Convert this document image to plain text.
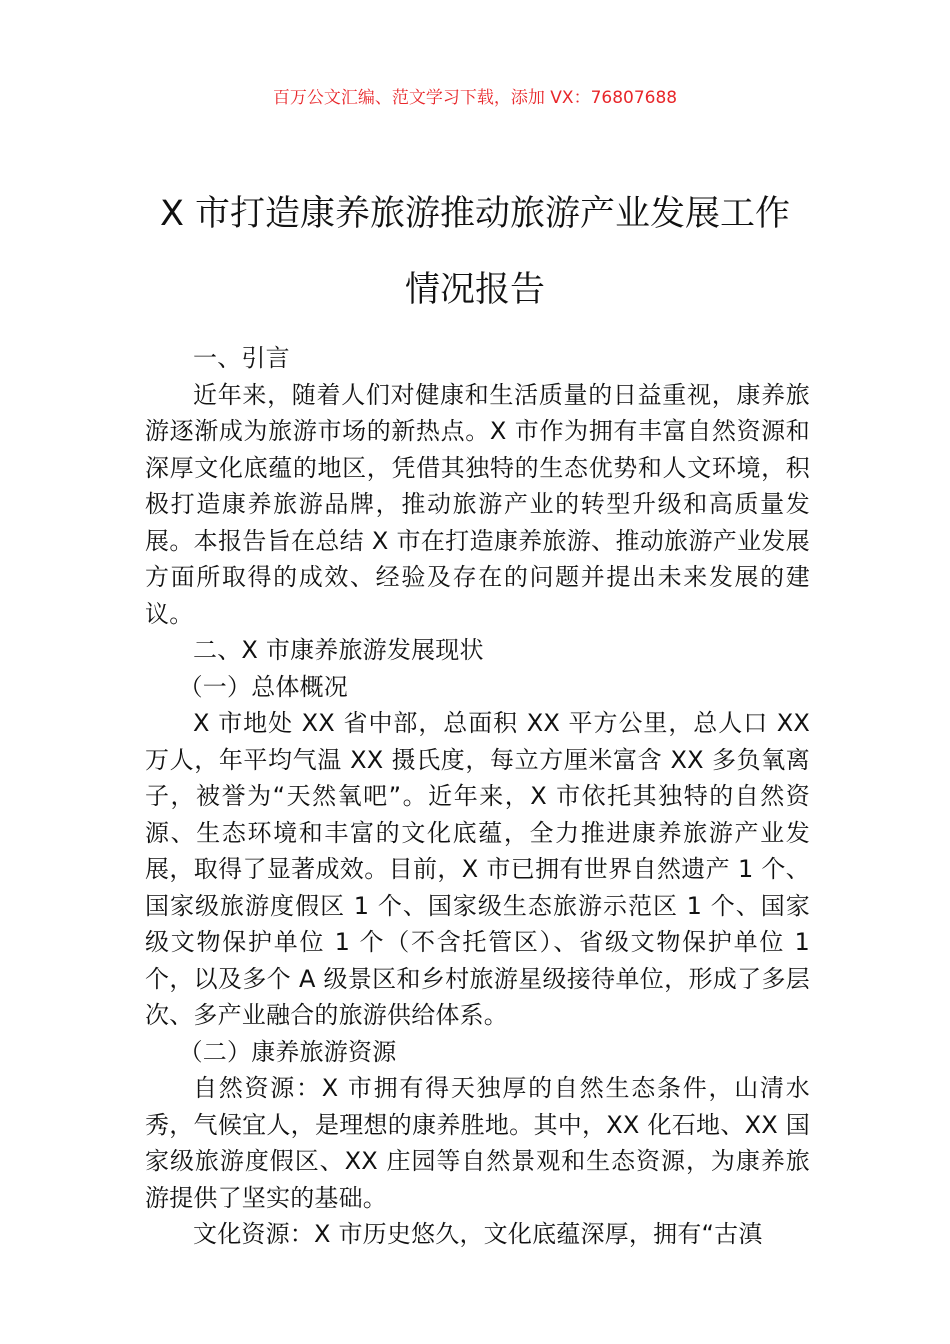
百万公文汇编、范文学习下载，添加 VX：76807688
X 市打造康养旅游推动旅游产业发展工作
情况报告

一、引言

近年来，随着人们对健康和生活质量的日益重视，康养旅游逐渐成为旅游市场的新热点。X 市作为拥有丰富自然资源和深厚文化底蕴的地区，凭借其独特的生态优势和人文环境，积极打造康养旅游品牌，推动旅游产业的转型升级和高质量发展。本报告旨在总结 X 市在打造康养旅游、推动旅游产业发展方面所取得的成效、经验及存在的问题并提出未来发展的建议。

二、X 市康养旅游发展现状

（一）总体概况

X 市地处 XX 省中部，总面积 XX 平方公里，总人口 XX 万人，年平均气温 XX 摄氏度，每立方厘米富含 XX 多负氧离子，被誉为“天然氧吧”。近年来，X 市依托其独特的自然资源、生态环境和丰富的文化底蕴，全力推进康养旅游产业发展，取得了显著成效。目前，X 市已拥有世界自然遗产 1 个、国家级旅游度假区 1 个、国家级生态旅游示范区 1 个、国家级文物保护单位 1 个（不含托管区）、省级文物保护单位 1 个，以及多个 A 级景区和乡村旅游星级接待单位，形成了多层次、多产业融合的旅游供给体系。

（二）康养旅游资源

自然资源：X 市拥有得天独厚的自然生态条件，山清水秀，气候宜人，是理想的康养胜地。其中，XX 化石地、XX 国家级旅游度假区、XX 庄园等自然景观和生态资源，为康养旅游提供了坚实的基础。

文化资源：X 市历史悠久，文化底蕴深厚，拥有“古滇
